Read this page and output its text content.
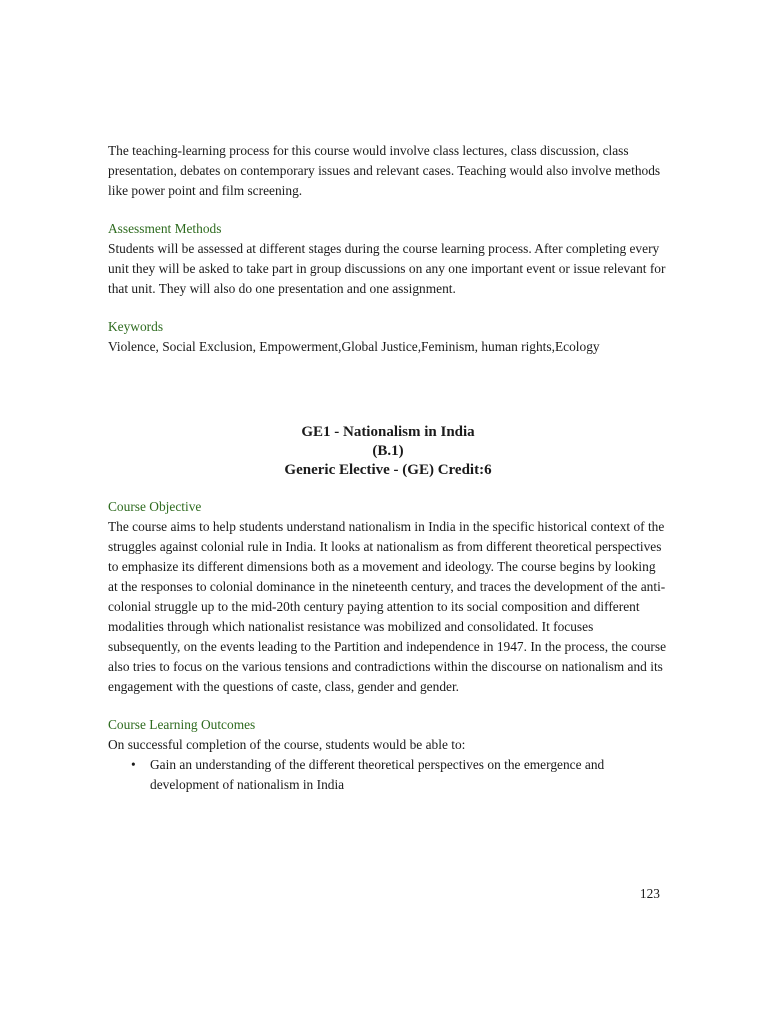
The teaching-learning process for this course would involve class lectures, class discussion, class presentation, debates on contemporary issues and relevant cases. Teaching would also involve methods like power point and film screening.

Assessment Methods

Students will be assessed at different stages during the course learning process. After completing every unit they will be asked to take part in group discussions on any one important event or issue relevant for that unit. They will also do one presentation and one assignment.

Keywords

Violence, Social Exclusion, Empowerment,Global Justice,Feminism, human rights,Ecology

GE1 - Nationalism in India
(B.1)
Generic Elective - (GE) Credit:6

Course Objective

The course aims to help students understand nationalism in India in the specific historical context of the struggles against colonial rule in India. It looks at nationalism as from different theoretical perspectives to emphasize its different dimensions both as a movement and ideology. The course begins by looking at the responses to colonial dominance in the nineteenth century, and traces the development of the anti-colonial struggle up to the mid-20th century paying attention to its social composition and different modalities through which nationalist resistance was mobilized and consolidated. It focuses subsequently, on the events leading to the Partition and independence in 1947. In the process, the course also tries to focus on the various tensions and contradictions within the discourse on nationalism and its engagement with the questions of caste, class, gender and gender.

Course Learning Outcomes

On successful completion of the course, students would be able to:

• Gain an understanding of the different theoretical perspectives on the emergence and development of nationalism in India
123
